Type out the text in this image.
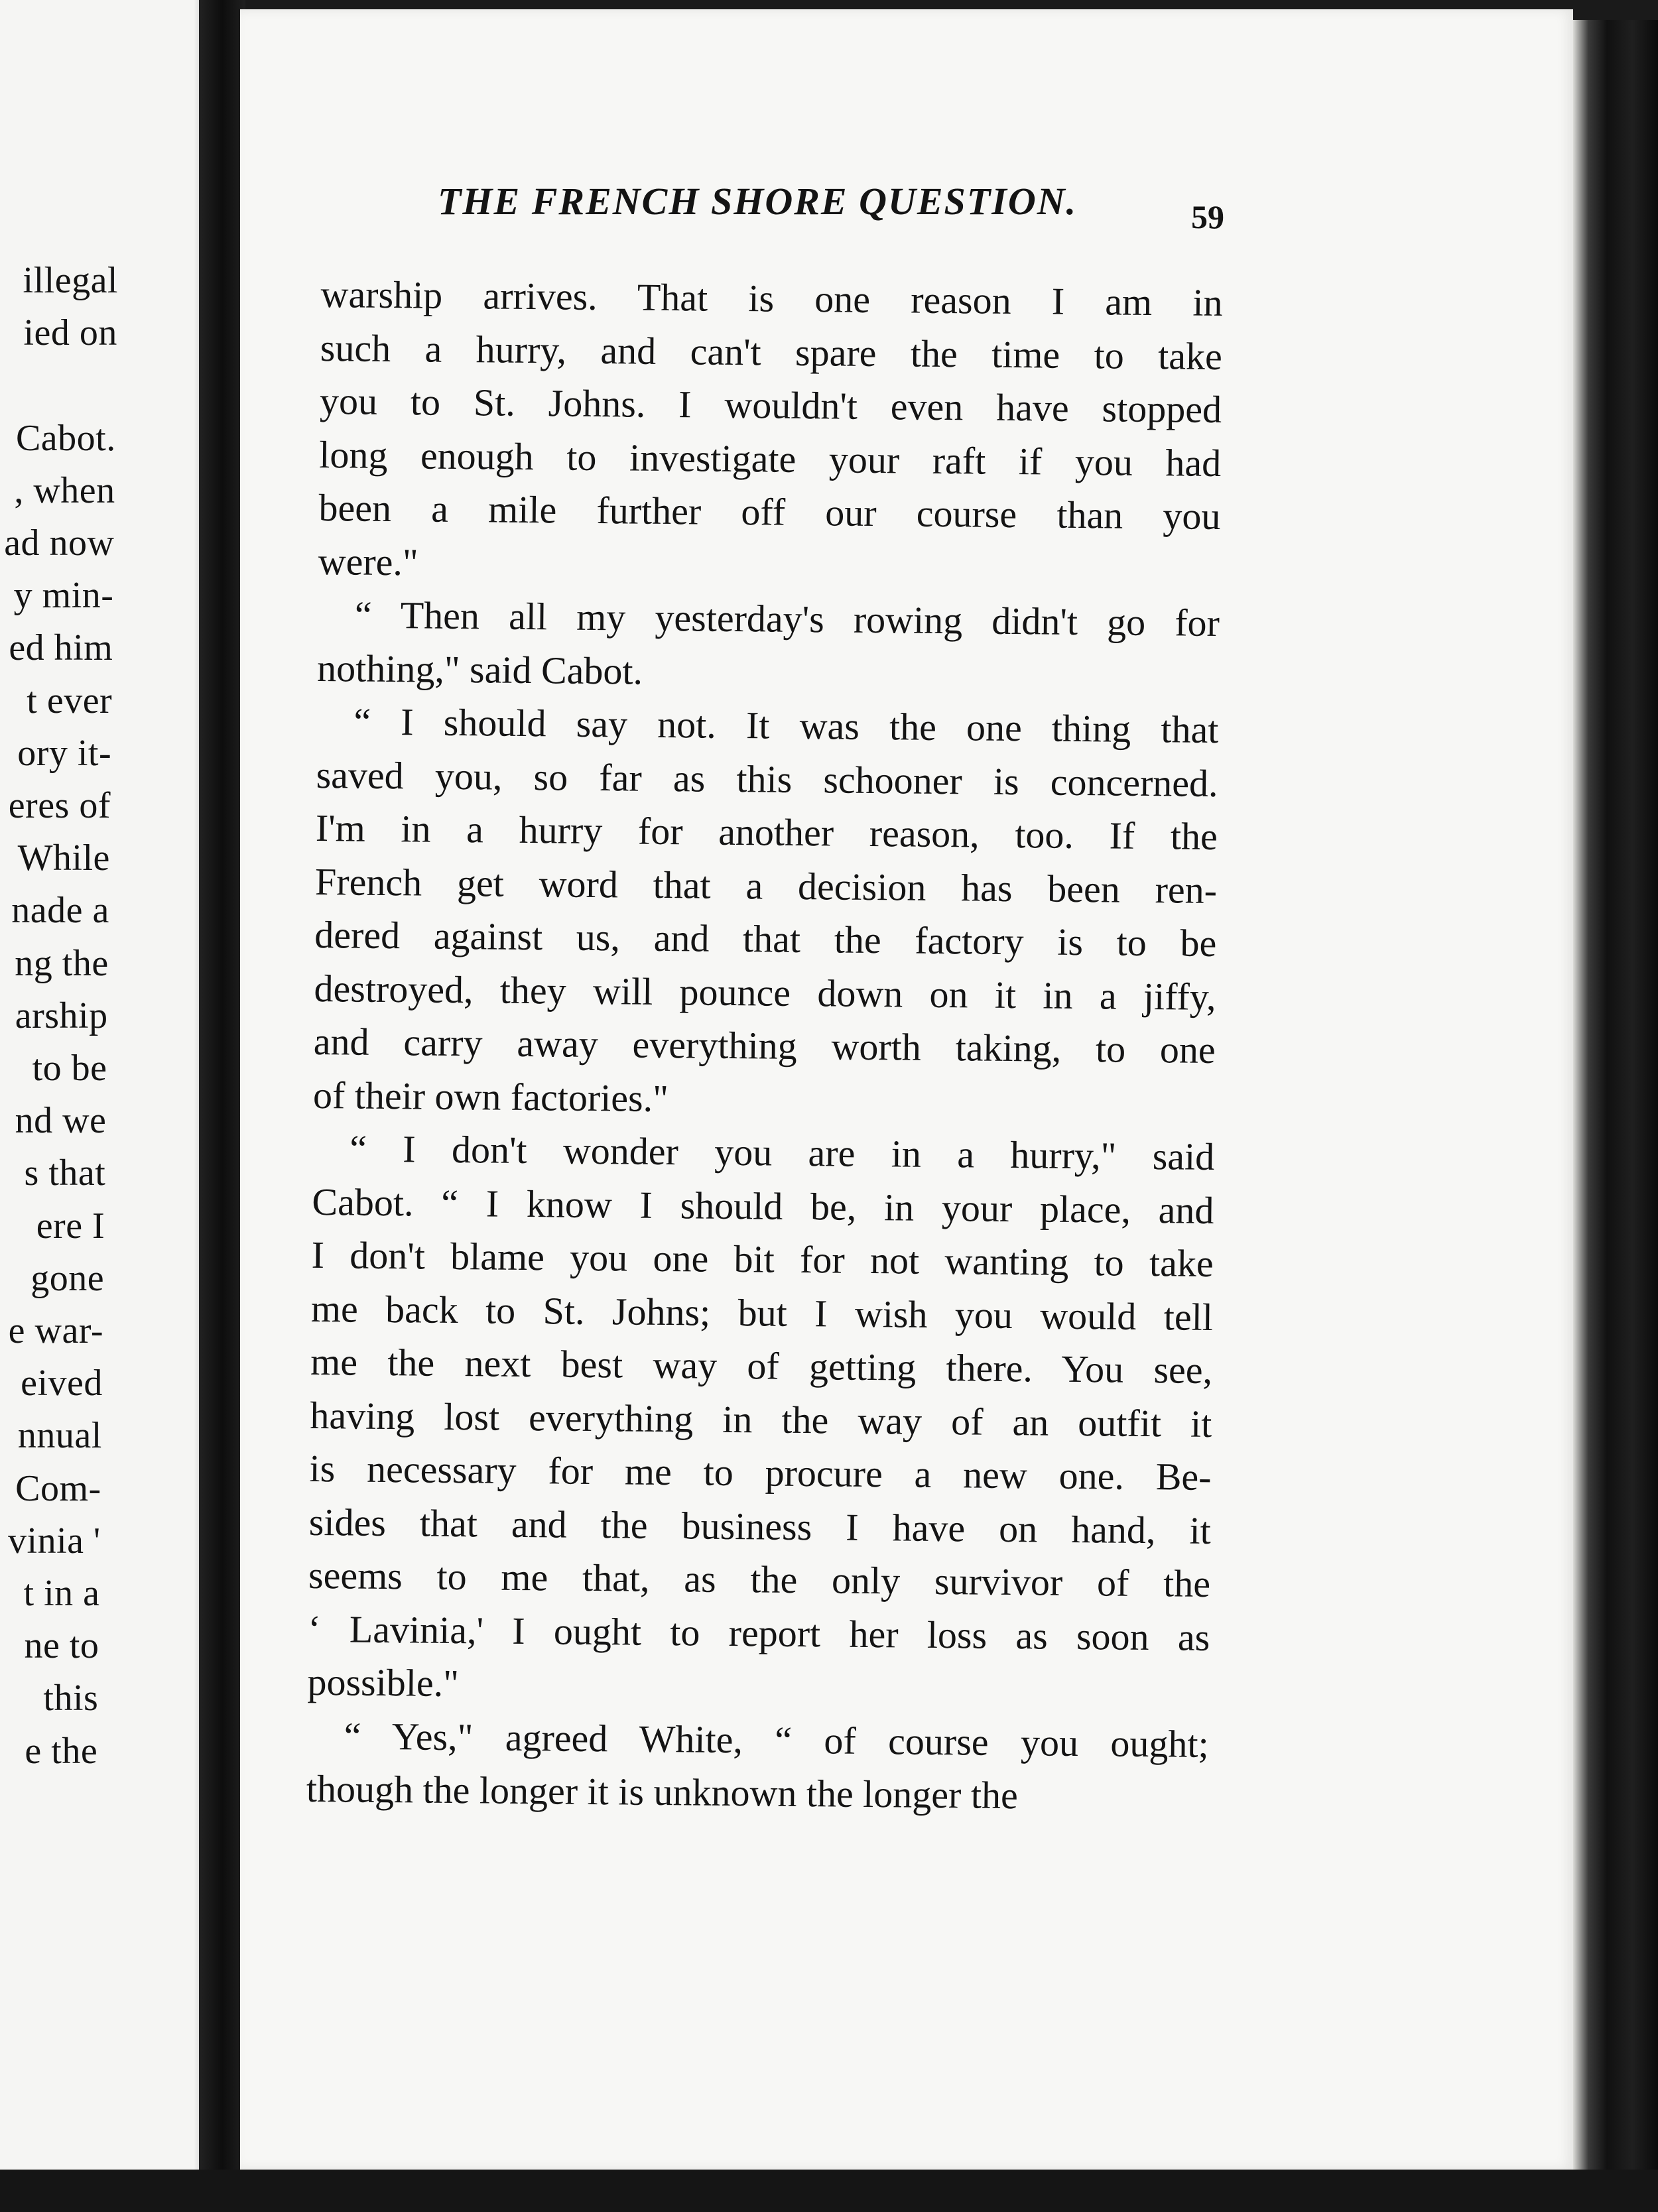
illegal
ied on
Cabot.
, when
ad now
y min-
ed him
t ever
ory it-
eres of
While
nade a
ng the
arship
to be
nd we
s that
ere I
gone
e war-
eived
nnual
Com-
vinia '
t in a
ne to
this
e the
THE FRENCH SHORE QUESTION.	59
warship arrives. That is one reason I am in
such a hurry, and can't spare the time to take
you to St. Johns. I wouldn't even have stopped
long enough to investigate your raft if you had
been a mile further off our course than you
were."
“ Then all my yesterday's rowing didn't go for
nothing," said Cabot.
“ I should say not. It was the one thing that
saved you, so far as this schooner is concerned.
I'm in a hurry for another reason, too. If the
French get word that a decision has been ren-
dered against us, and that the factory is to be
destroyed, they will pounce down on it in a jiffy,
and carry away everything worth taking, to one
of their own factories."
“ I don't wonder you are in a hurry," said
Cabot. “ I know I should be, in your place, and
I don't blame you one bit for not wanting to take
me back to St. Johns; but I wish you would tell
me the next best way of getting there. You see,
having lost everything in the way of an outfit it
is necessary for me to procure a new one. Be-
sides that and the business I have on hand, it
seems to me that, as the only survivor of the
‘ Lavinia,' I ought to report her loss as soon as
possible."
“ Yes," agreed White, “ of course you ought;
though the longer it is unknown the longer the
